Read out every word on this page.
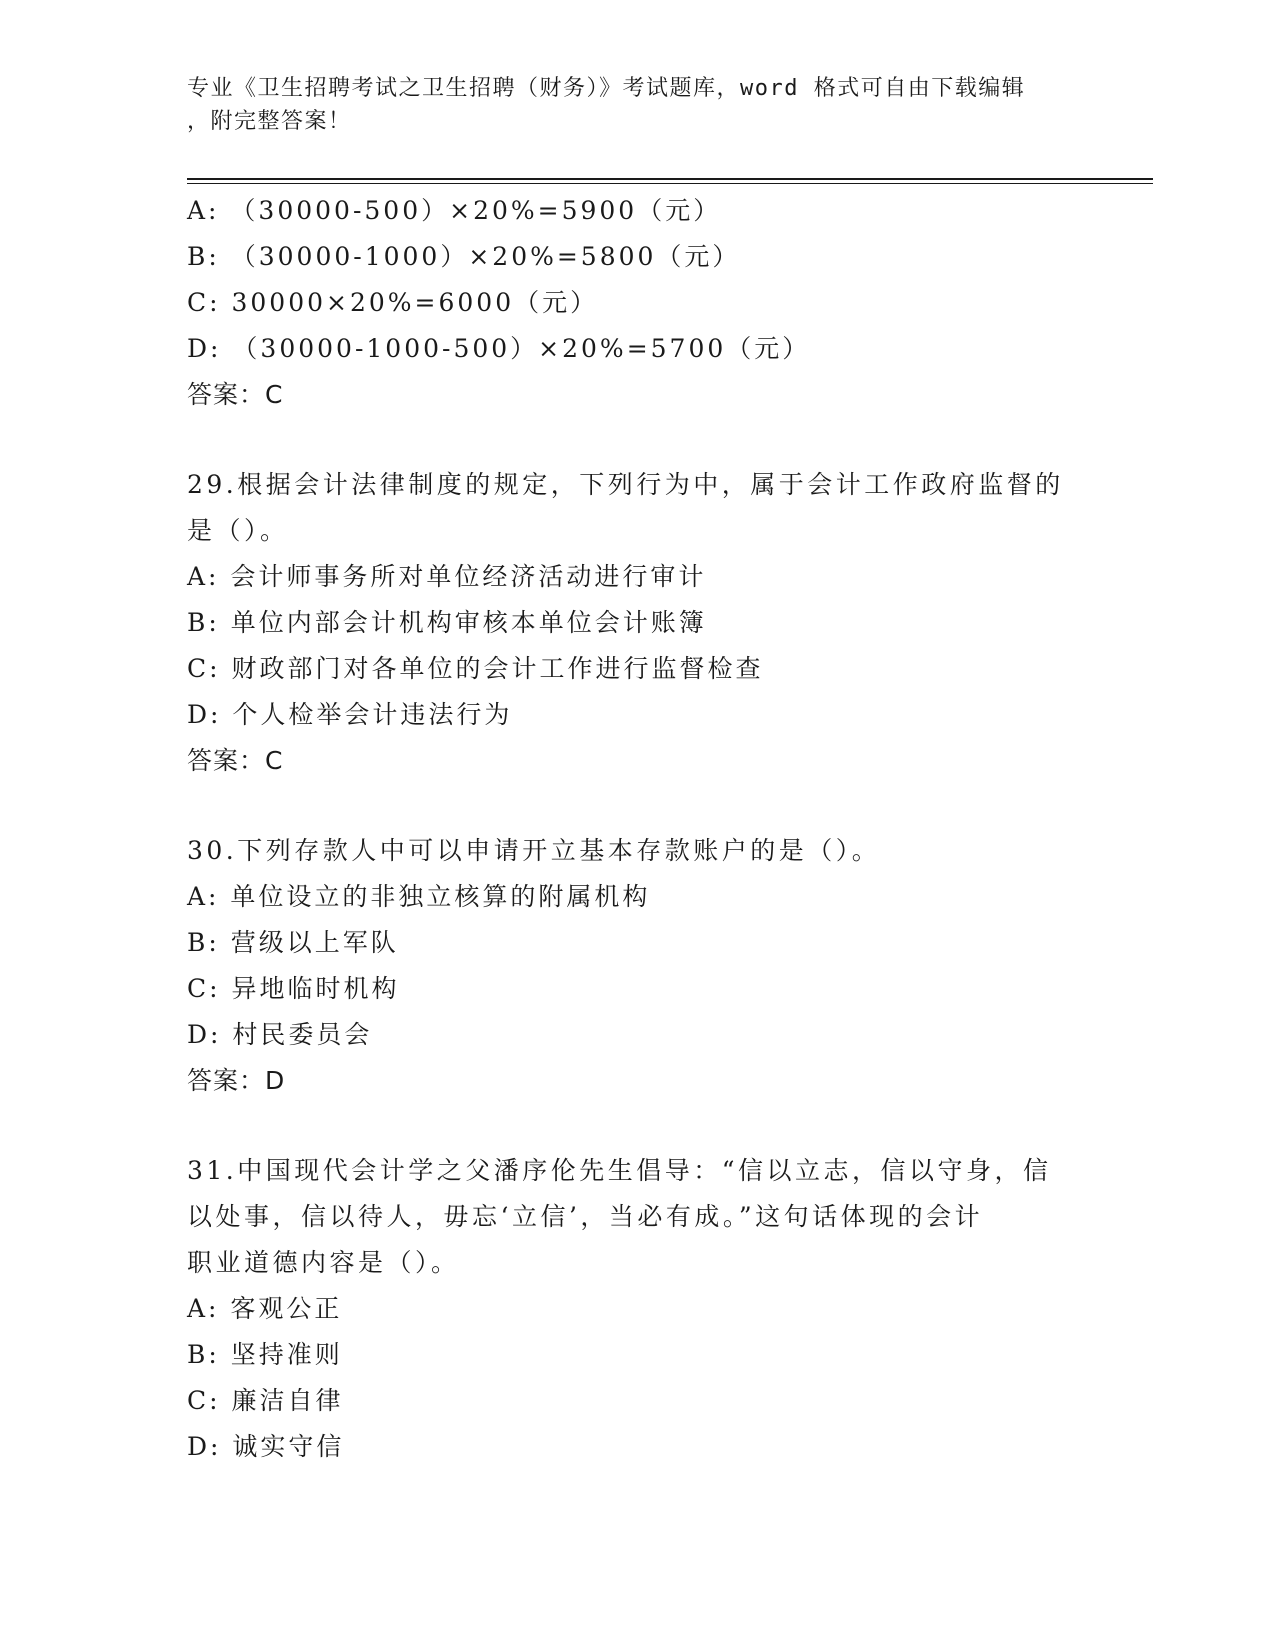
专业《卫生招聘考试之卫生招聘（财务）》考试题库，word 格式可自由下载编辑
，附完整答案！
A: （30000-500）×20%=5900（元）
B: （30000-1000）×20%=5800（元）
C: 30000×20%=6000（元）
D: （30000-1000-500）×20%=5700（元）
答案：C
29.根据会计法律制度的规定，下列行为中，属于会计工作政府监督的
是（）。
A: 会计师事务所对单位经济活动进行审计
B: 单位内部会计机构审核本单位会计账簿
C: 财政部门对各单位的会计工作进行监督检查
D: 个人检举会计违法行为
答案：C
30.下列存款人中可以申请开立基本存款账户的是（）。
A: 单位设立的非独立核算的附属机构
B: 营级以上军队
C: 异地临时机构
D: 村民委员会
答案：D
31.中国现代会计学之父潘序伦先生倡导：“信以立志，信以守身，信
以处事，信以待人，毋忘‘立信’，当必有成。”这句话体现的会计
职业道德内容是（）。
A: 客观公正
B: 坚持准则
C: 廉洁自律
D: 诚实守信
